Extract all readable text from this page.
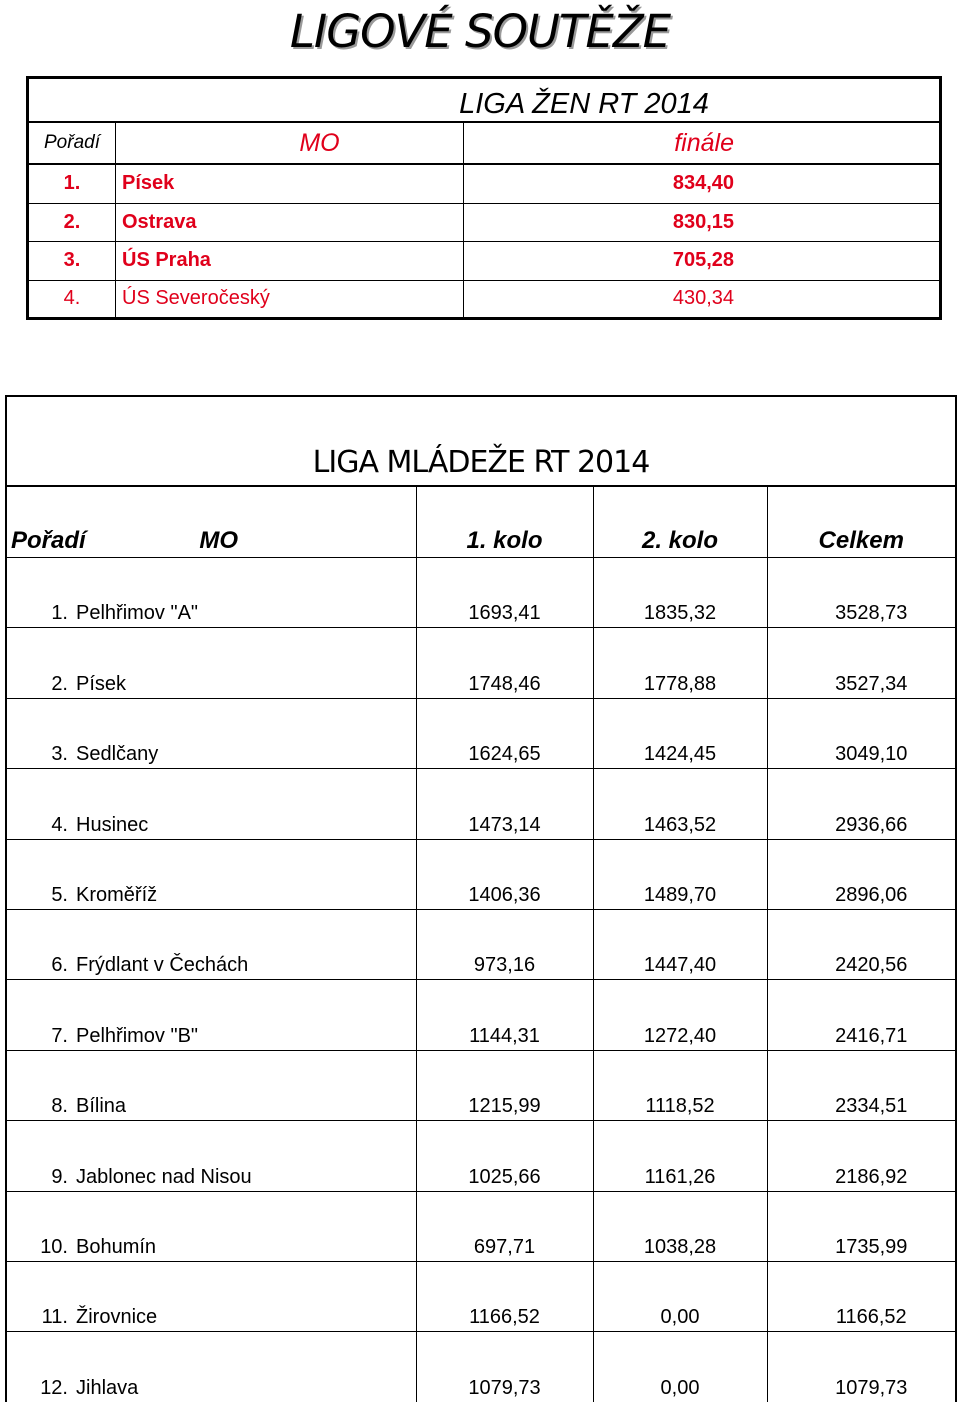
LIGOVÉ SOUTĚŽE
LIGA ŽEN RT 2014		
Pořadí	MO	finále
1.	Písek	834,40
2.	Ostrava	830,15
3.	ÚS Praha	705,28
4.	ÚS Severočeský	430,34
LIGA MLÁDEŽE RT 2014				
Pořadí	MO	1. kolo	2. kolo	Celkem
1.	Pelhřimov "A"	1693,41	1835,32	3528,73
2.	Písek	1748,46	1778,88	3527,34
3.	Sedlčany	1624,65	1424,45	3049,10
4.	Husinec	1473,14	1463,52	2936,66
5.	Kroměříž	1406,36	1489,70	2896,06
6.	Frýdlant v Čechách	973,16	1447,40	2420,56
7.	Pelhřimov "B"	1144,31	1272,40	2416,71
8.	Bílina	1215,99	1118,52	2334,51
9.	Jablonec nad Nisou	1025,66	1161,26	2186,92
10.	Bohumín	697,71	1038,28	1735,99
11.	Žirovnice	1166,52	0,00	1166,52
12.	Jihlava	1079,73	0,00	1079,73
